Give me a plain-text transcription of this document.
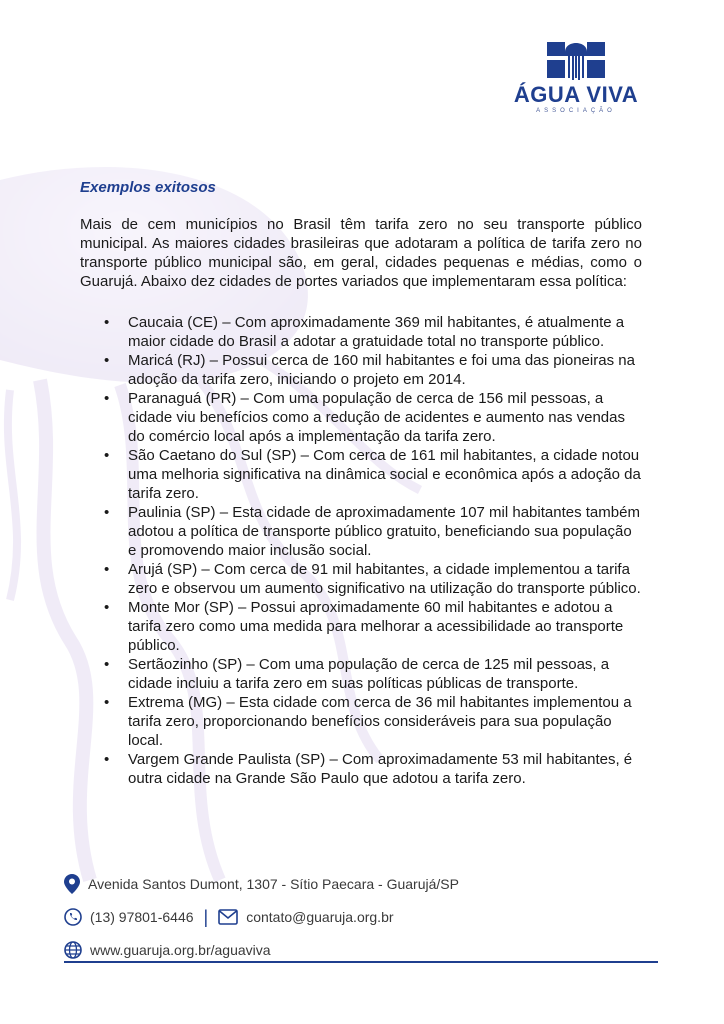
ÁGUA VIVA
ASSOCIAÇÃO

Exemplos exitosos

Mais de cem municípios no Brasil têm tarifa zero no seu transporte público municipal. As maiores cidades brasileiras que adotaram a política de tarifa zero no transporte público municipal são, em geral, cidades pequenas e médias, como o Guarujá. Abaixo dez cidades de portes variados que implementaram essa política:

• Caucaia (CE) – Com aproximadamente 369 mil habitantes, é atualmente a maior cidade do Brasil a adotar a gratuidade total no transporte público.
• Maricá (RJ) – Possui cerca de 160 mil habitantes e foi uma das pioneiras na adoção da tarifa zero, iniciando o projeto em 2014.
• Paranaguá (PR) – Com uma população de cerca de 156 mil pessoas, a cidade viu benefícios como a redução de acidentes e aumento nas vendas do comércio local após a implementação da tarifa zero.
• São Caetano do Sul (SP) – Com cerca de 161 mil habitantes, a cidade notou uma melhoria significativa na dinâmica social e econômica após a adoção da tarifa zero.
• Paulinia (SP) – Esta cidade de aproximadamente 107 mil habitantes também adotou a política de transporte público gratuito, beneficiando sua população e promovendo maior inclusão social.
• Arujá (SP) – Com cerca de 91 mil habitantes, a cidade implementou a tarifa zero e observou um aumento significativo na utilização do transporte público.
• Monte Mor (SP) – Possui aproximadamente 60 mil habitantes e adotou a tarifa zero como uma medida para melhorar a acessibilidade ao transporte público.
• Sertãozinho (SP) – Com uma população de cerca de 125 mil pessoas, a cidade incluiu a tarifa zero em suas políticas públicas de transporte.
• Extrema (MG) – Esta cidade com cerca de 36 mil habitantes implementou a tarifa zero, proporcionando benefícios consideráveis para sua população local.
• Vargem Grande Paulista (SP) – Com aproximadamente 53 mil habitantes, é outra cidade na Grande São Paulo que adotou a tarifa zero.
Avenida Santos Dumont, 1307 - Sítio Paecara - Guarujá/SP
(13) 97801-6446 |	contato@guaruja.org.br
www.guaruja.org.br/aguaviva
